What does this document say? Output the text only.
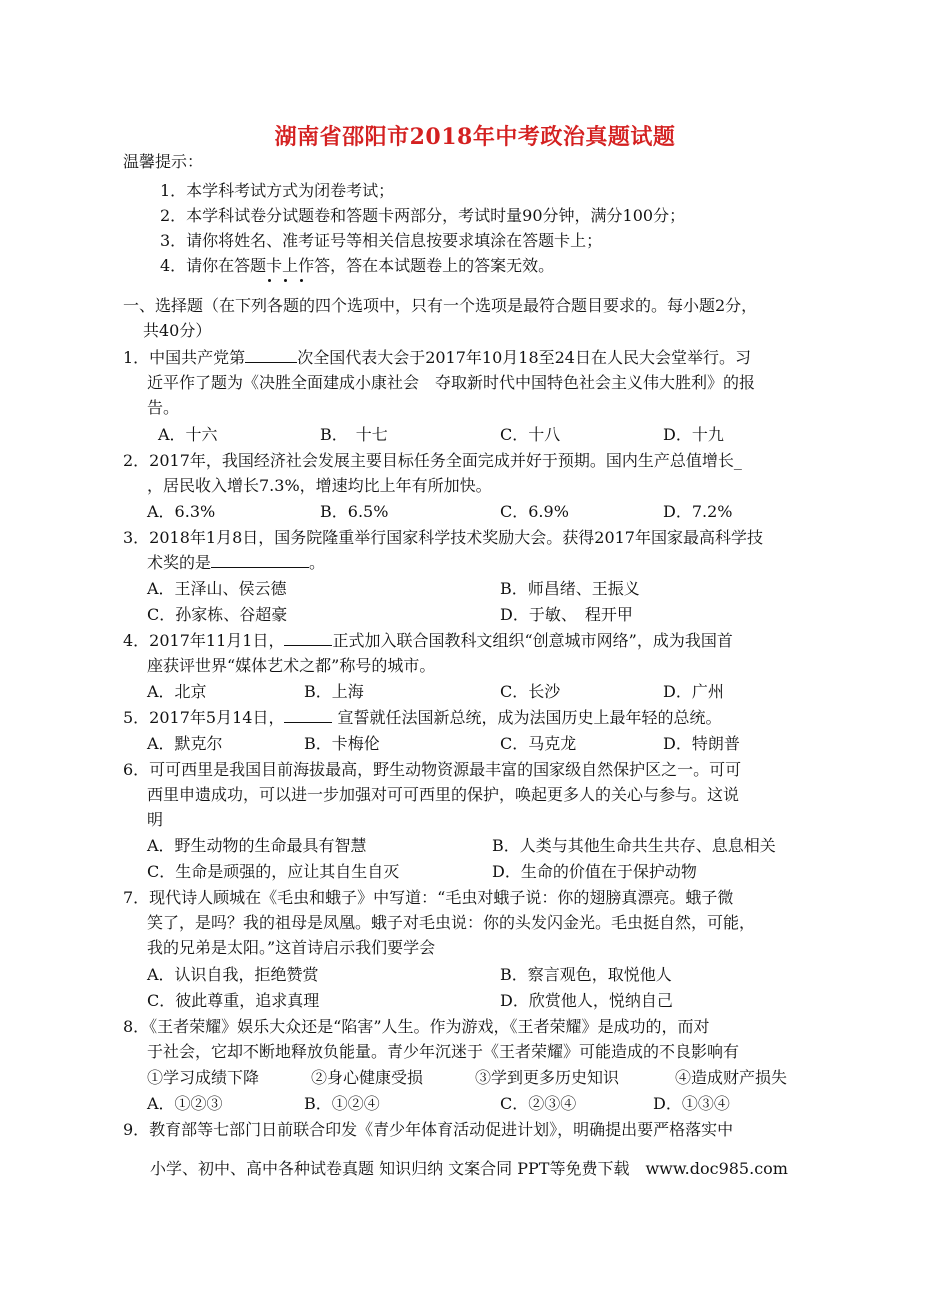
湖南省邵阳市2018年中考政治真题试题
温馨提示：
1．本学科考试方式为闭卷考试；
2．本学科试卷分试题卷和答题卡两部分，考试时量90分钟，满分100分；
3．请你将姓名、准考证号等相关信息按要求填涂在答题卡上；
4．请你在答题卡上作答，答在本试题卷上的答案无效。
一、选择题（在下列各题的四个选项中，只有一个选项是最符合题目要求的。每小题2分，
共40分）
1．中国共产党第	次全国代表大会于2017年10月18至24日在人民大会堂举行。习
近平作了题为《决胜全面建成小康社会　夺取新时代中国特色社会主义伟大胜利》的报
告。
A．十六	B．　十七	C．十八	D．十九
2．2017年，我国经济社会发展主要目标任务全面完成并好于预期。国内生产总值增长_
，居民收入增长7.3%，增速均比上年有所加快。
A．6.3%	B．6.5%	C．6.9%	D．7.2%
3．2018年1月8日，国务院隆重举行国家科学技术奖励大会。获得2017年国家最高科学技
术奖的是	。
A．王泽山、侯云德	B．师昌绪、王振义
C．孙家栋、谷超豪	D．于敏、　程开甲
4．2017年11月1日，	正式加入联合国教科文组织“创意城市网络”，成为我国首
座获评世界“媒体艺术之都”称号的城市。
A．北京	B．上海	C．长沙	D．广州
5．2017年5月14日，	宣誓就任法国新总统，成为法国历史上最年轻的总统。
A．默克尔	B．卡梅伦	C．马克龙	D．特朗普
6．可可西里是我国目前海拔最高，野生动物资源最丰富的国家级自然保护区之一。可可
西里申遗成功，可以进一步加强对可可西里的保护，唤起更多人的关心与参与。这说
明
A．野生动物的生命最具有智慧	B．人类与其他生命共生共存、息息相关
C．生命是顽强的，应让其自生自灭	D．生命的价值在于保护动物
7．现代诗人顾城在《毛虫和蛾子》中写道：“毛虫对蛾子说：你的翅膀真漂亮。蛾子微
笑了，是吗？我的祖母是凤凰。蛾子对毛虫说：你的头发闪金光。毛虫挺自然，可能，
我的兄弟是太阳。”这首诗启示我们要学会
A．认识自我，拒绝赞赏	B．察言观色，取悦他人
C．彼此尊重，追求真理	D．欣赏他人，悦纳自己
8．《王者荣耀》娱乐大众还是“陷害”人生。作为游戏，《王者荣耀》是成功的，而对
于社会，它却不断地释放负能量。青少年沉迷于《王者荣耀》可能造成的不良影响有
①学习成绩下降	②身心健康受损	③学到更多历史知识	④造成财产损失
A．①②③	B．①②④	C．②③④	D．①③④
9．教育部等七部门日前联合印发《青少年体育活动促进计划》，明确提出要严格落实中
小学、初中、高中各种试卷真题 知识归纳 文案合同 PPT等免费下载　www.doc985.com
